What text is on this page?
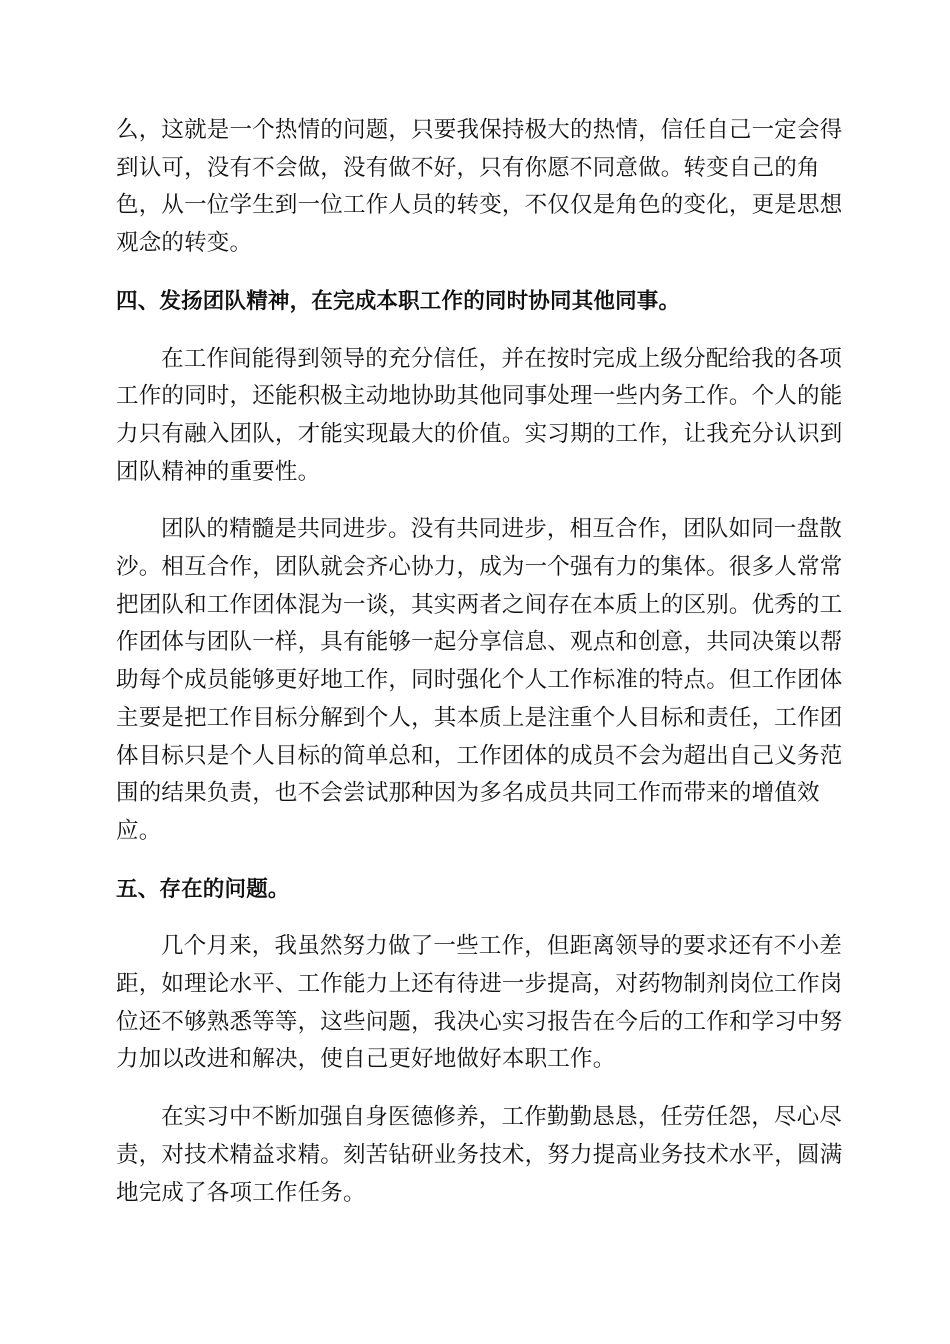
么，这就是一个热情的问题，只要我保持极大的热情，信任自己一定会得
到认可，没有不会做，没有做不好，只有你愿不同意做。转变自己的角
色，从一位学生到一位工作人员的转变，不仅仅是角色的变化，更是思想
观念的转变。
四、发扬团队精神，在完成本职工作的同时协同其他同事。
在工作间能得到领导的充分信任，并在按时完成上级分配给我的各项
工作的同时，还能积极主动地协助其他同事处理一些内务工作。个人的能
力只有融入团队，才能实现最大的价值。实习期的工作，让我充分认识到
团队精神的重要性。
团队的精髓是共同进步。没有共同进步，相互合作，团队如同一盘散
沙。相互合作，团队就会齐心协力，成为一个强有力的集体。很多人常常
把团队和工作团体混为一谈，其实两者之间存在本质上的区别。优秀的工
作团体与团队一样，具有能够一起分享信息、观点和创意，共同决策以帮
助每个成员能够更好地工作，同时强化个人工作标准的特点。但工作团体
主要是把工作目标分解到个人，其本质上是注重个人目标和责任，工作团
体目标只是个人目标的简单总和，工作团体的成员不会为超出自己义务范
围的结果负责，也不会尝试那种因为多名成员共同工作而带来的增值效
应。
五、存在的问题。
几个月来，我虽然努力做了一些工作，但距离领导的要求还有不小差
距，如理论水平、工作能力上还有待进一步提高，对药物制剂岗位工作岗
位还不够熟悉等等，这些问题，我决心实习报告在今后的工作和学习中努
力加以改进和解决，使自己更好地做好本职工作。
在实习中不断加强自身医德修养，工作勤勤恳恳，任劳任怨，尽心尽
责，对技术精益求精。刻苦钻研业务技术，努力提高业务技术水平，圆满
地完成了各项工作任务。
